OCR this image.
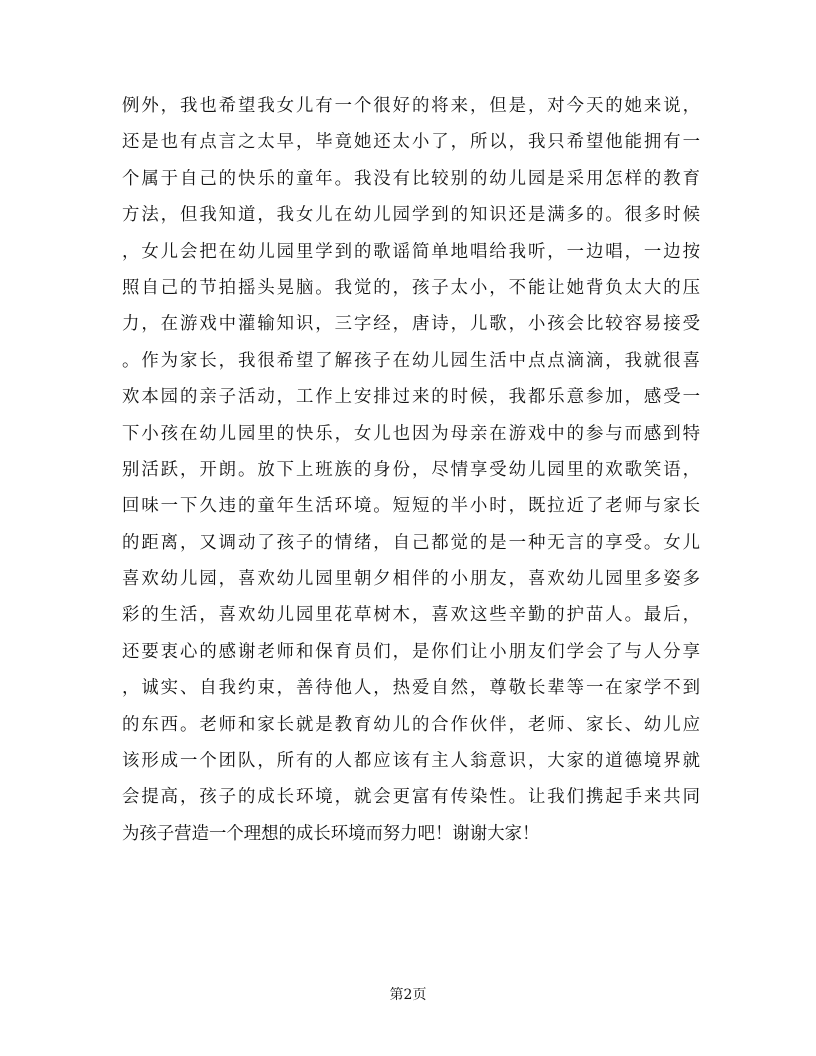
例外，我也希望我女儿有一个很好的将来，但是，对今天的她来说，
还是也有点言之太早，毕竟她还太小了，所以，我只希望他能拥有一
个属于自己的快乐的童年。我没有比较别的幼儿园是采用怎样的教育
方法，但我知道，我女儿在幼儿园学到的知识还是满多的。很多时候
，女儿会把在幼儿园里学到的歌谣简单地唱给我听，一边唱，一边按
照自己的节拍摇头晃脑。我觉的，孩子太小，不能让她背负太大的压
力，在游戏中灌输知识，三字经，唐诗，儿歌，小孩会比较容易接受
。作为家长，我很希望了解孩子在幼儿园生活中点点滴滴，我就很喜
欢本园的亲子活动，工作上安排过来的时候，我都乐意参加，感受一
下小孩在幼儿园里的快乐，女儿也因为母亲在游戏中的参与而感到特
别活跃，开朗。放下上班族的身份，尽情享受幼儿园里的欢歌笑语，
回味一下久违的童年生活环境。短短的半小时，既拉近了老师与家长
的距离，又调动了孩子的情绪，自己都觉的是一种无言的享受。女儿
喜欢幼儿园，喜欢幼儿园里朝夕相伴的小朋友，喜欢幼儿园里多姿多
彩的生活，喜欢幼儿园里花草树木，喜欢这些辛勤的护苗人。最后，
还要衷心的感谢老师和保育员们，是你们让小朋友们学会了与人分享
，诚实、自我约束，善待他人，热爱自然，尊敬长辈等一在家学不到
的东西。老师和家长就是教育幼儿的合作伙伴，老师、家长、幼儿应
该形成一个团队，所有的人都应该有主人翁意识，大家的道德境界就
会提高，孩子的成长环境，就会更富有传染性。让我们携起手来共同
为孩子营造一个理想的成长环境而努力吧！谢谢大家！
第2页
